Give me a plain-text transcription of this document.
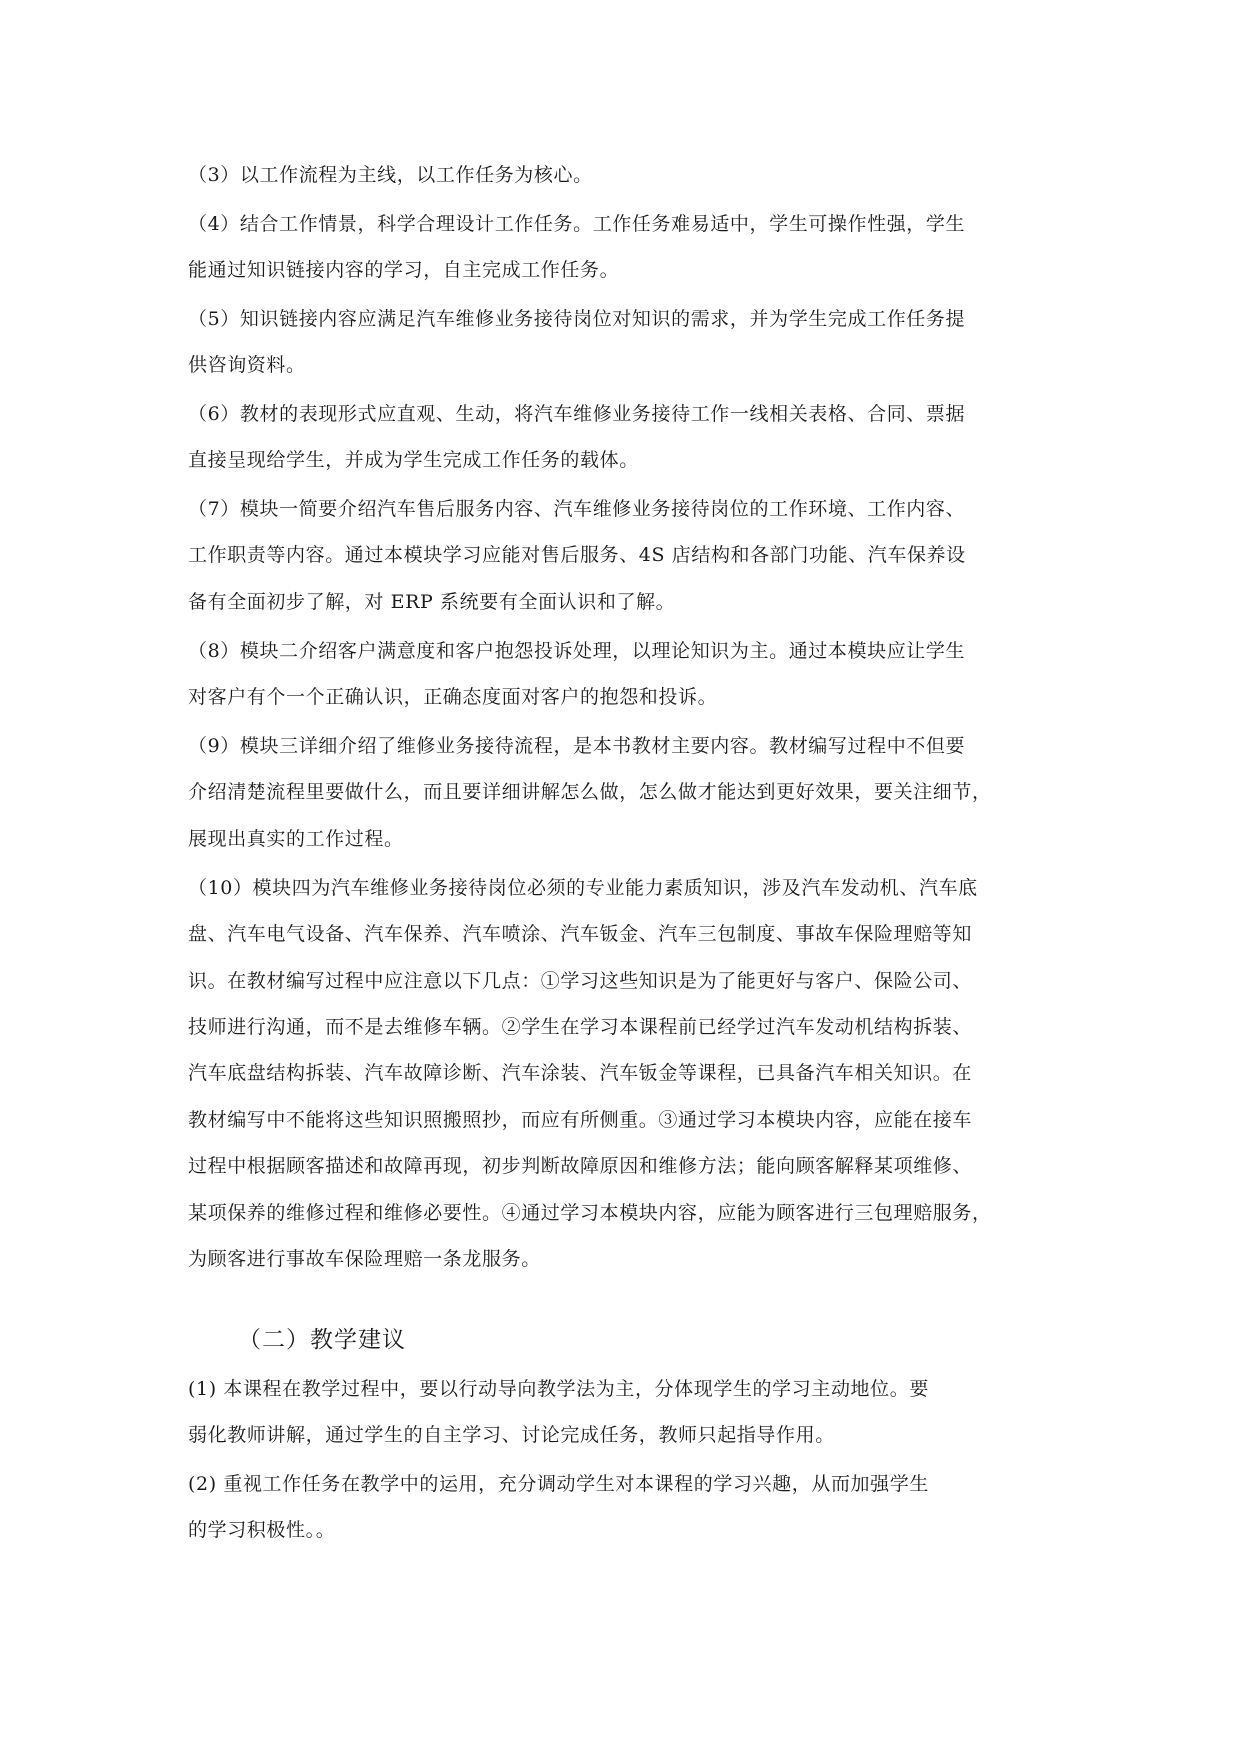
（3）以工作流程为主线，以工作任务为核心。
（4）结合工作情景，科学合理设计工作任务。工作任务难易适中，学生可操作性强，学生
能通过知识链接内容的学习，自主完成工作任务。
（5）知识链接内容应满足汽车维修业务接待岗位对知识的需求，并为学生完成工作任务提
供咨询资料。
（6）教材的表现形式应直观、生动，将汽车维修业务接待工作一线相关表格、合同、票据
直接呈现给学生，并成为学生完成工作任务的载体。
（7）模块一简要介绍汽车售后服务内容、汽车维修业务接待岗位的工作环境、工作内容、
工作职责等内容。通过本模块学习应能对售后服务、4S 店结构和各部门功能、汽车保养设
备有全面初步了解，对 ERP 系统要有全面认识和了解。
（8）模块二介绍客户满意度和客户抱怨投诉处理，以理论知识为主。通过本模块应让学生
对客户有个一个正确认识，正确态度面对客户的抱怨和投诉。
（9）模块三详细介绍了维修业务接待流程，是本书教材主要内容。教材编写过程中不但要
介绍清楚流程里要做什么，而且要详细讲解怎么做，怎么做才能达到更好效果，要关注细节，
展现出真实的工作过程。
（10）模块四为汽车维修业务接待岗位必须的专业能力素质知识，涉及汽车发动机、汽车底
盘、汽车电气设备、汽车保养、汽车喷涂、汽车钣金、汽车三包制度、事故车保险理赔等知
识。在教材编写过程中应注意以下几点：①学习这些知识是为了能更好与客户、保险公司、
技师进行沟通，而不是去维修车辆。②学生在学习本课程前已经学过汽车发动机结构拆装、
汽车底盘结构拆装、汽车故障诊断、汽车涂装、汽车钣金等课程，已具备汽车相关知识。在
教材编写中不能将这些知识照搬照抄，而应有所侧重。③通过学习本模块内容，应能在接车
过程中根据顾客描述和故障再现，初步判断故障原因和维修方法；能向顾客解释某项维修、
某项保养的维修过程和维修必要性。④通过学习本模块内容，应能为顾客进行三包理赔服务，
为顾客进行事故车保险理赔一条龙服务。
（二）教学建议
(1) 本课程在教学过程中，要以行动导向教学法为主，分体现学生的学习主动地位。要
弱化教师讲解，通过学生的自主学习、讨论完成任务，教师只起指导作用。
(2) 重视工作任务在教学中的运用，充分调动学生对本课程的学习兴趣，从而加强学生
的学习积极性。。
